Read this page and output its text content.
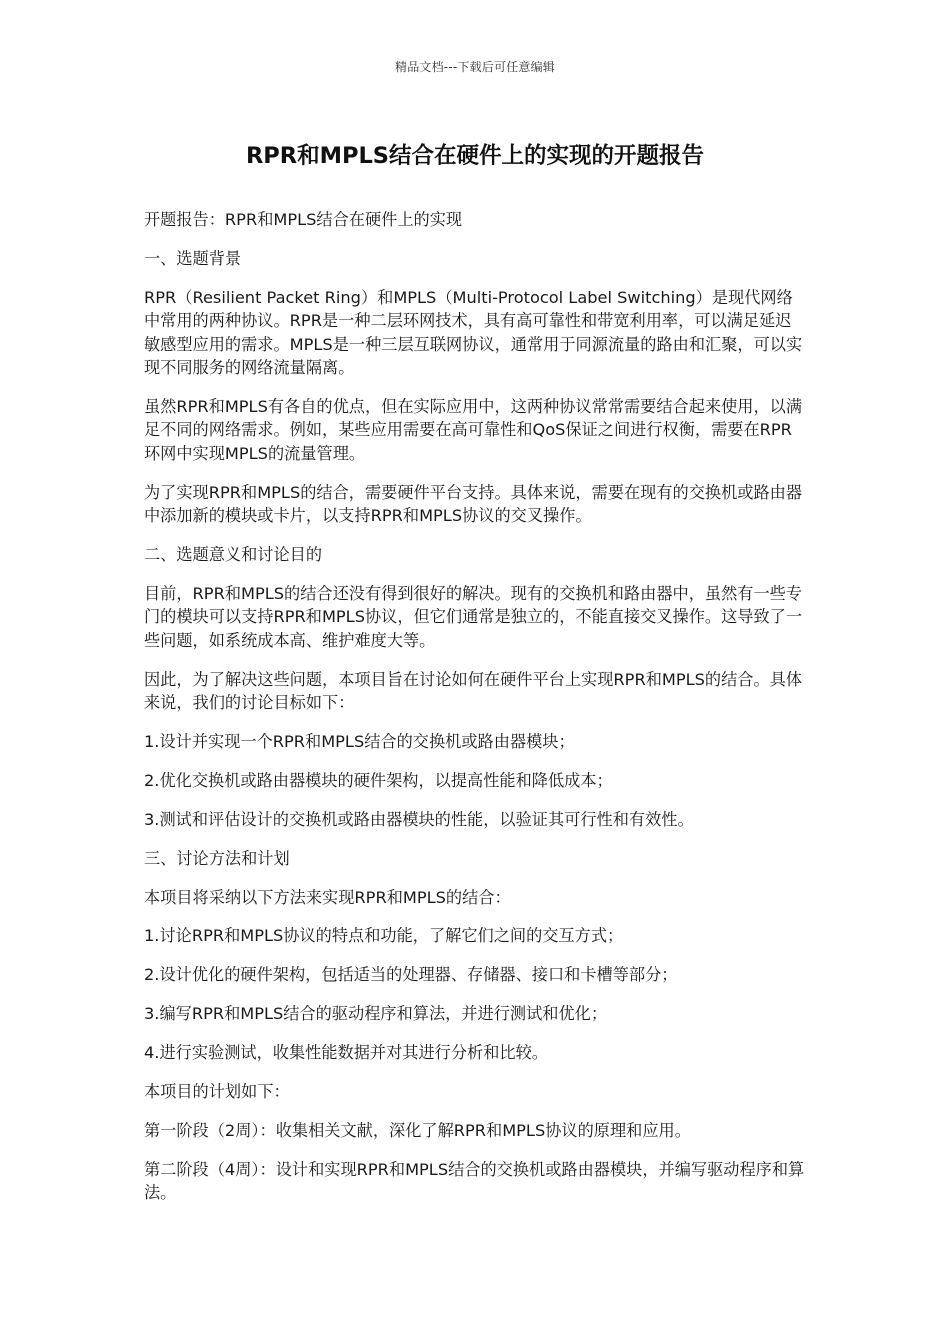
精品文档---下载后可任意编辑
RPR和MPLS结合在硬件上的实现的开题报告

开题报告：RPR和MPLS结合在硬件上的实现

一、选题背景

RPR（Resilient Packet Ring）和MPLS（Multi-Protocol Label Switching）是现代网络中常用的两种协议。RPR是一种二层环网技术，具有高可靠性和带宽利用率，可以满足延迟敏感型应用的需求。MPLS是一种三层互联网协议，通常用于同源流量的路由和汇聚，可以实现不同服务的网络流量隔离。

虽然RPR和MPLS有各自的优点，但在实际应用中，这两种协议常常需要结合起来使用，以满足不同的网络需求。例如，某些应用需要在高可靠性和QoS保证之间进行权衡，需要在RPR环网中实现MPLS的流量管理。

为了实现RPR和MPLS的结合，需要硬件平台支持。具体来说，需要在现有的交换机或路由器中添加新的模块或卡片，以支持RPR和MPLS协议的交叉操作。

二、选题意义和讨论目的

目前，RPR和MPLS的结合还没有得到很好的解决。现有的交换机和路由器中，虽然有一些专门的模块可以支持RPR和MPLS协议，但它们通常是独立的，不能直接交叉操作。这导致了一些问题，如系统成本高、维护难度大等。

因此，为了解决这些问题，本项目旨在讨论如何在硬件平台上实现RPR和MPLS的结合。具体来说，我们的讨论目标如下：

1.设计并实现一个RPR和MPLS结合的交换机或路由器模块；

2.优化交换机或路由器模块的硬件架构，以提高性能和降低成本；

3.测试和评估设计的交换机或路由器模块的性能，以验证其可行性和有效性。

三、讨论方法和计划

本项目将采纳以下方法来实现RPR和MPLS的结合：

1.讨论RPR和MPLS协议的特点和功能，了解它们之间的交互方式；

2.设计优化的硬件架构，包括适当的处理器、存储器、接口和卡槽等部分；

3.编写RPR和MPLS结合的驱动程序和算法，并进行测试和优化；

4.进行实验测试，收集性能数据并对其进行分析和比较。

本项目的计划如下：

第一阶段（2周）：收集相关文献，深化了解RPR和MPLS协议的原理和应用。

第二阶段（4周）：设计和实现RPR和MPLS结合的交换机或路由器模块，并编写驱动程序和算法。
